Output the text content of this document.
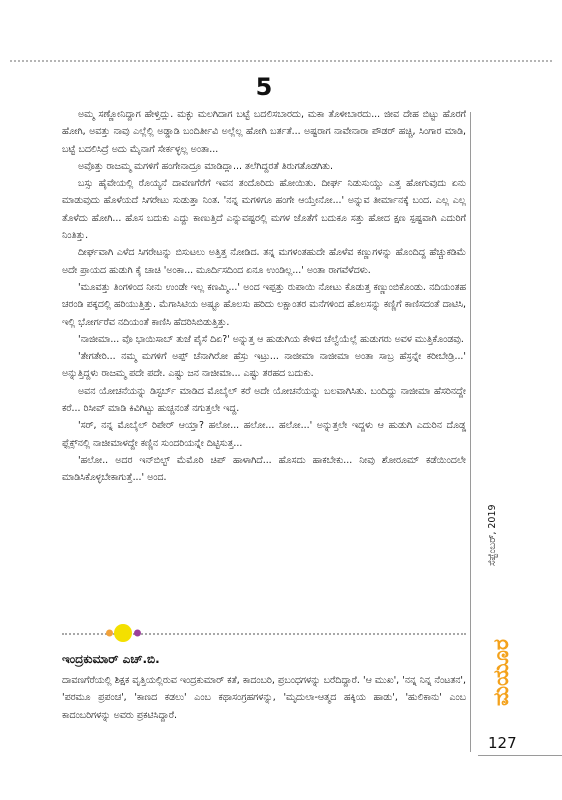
5

ಅಮ್ಮ ಸಣ್ಣೋನಿದ್ದಾಗ ಹೇಳ್ತಿದ್ಲು. ಮಕ್ಳು ಮಲಗಿದಾಗ ಬಟ್ಟೆ ಬದಲಿಸಬಾರದು, ಮಕಾ ತೊಳೀಬಾರದು... ಜೀವ ದೇಹ ಬಿಟ್ಟು ಹೊರಗೆ ಹೋಗಿ, ಅವತ್ತು ನಾವು ಎಲ್ಲೆಲ್ಲಿ ಅಡ್ಡಾಡಿ ಬಂದಿರ್ತೀವಿ ಅಲ್ಲೆಲ್ಲ ಹೋಗಿ ಬರ್ತತೆ... ಅಷ್ಟರಾಗ ನಾವೇನಾರಾ ಪೌಡರ್ ಹಚ್ಚಿ, ಸಿಂಗಾರ ಮಾಡಿ, ಬಟ್ಟೆ ಬದಲಿಸಿದ್ರೆ ಅದು ಮೈನಾಗೆ ಸೇರ್ಕಳ್ಳಲ್ಲ ಅಂತಾ...

ಅವೊತ್ತು ರಾಜಮ್ಮ ಮಗಳಿಗೆ ಹಂಗೇನಾದ್ರೂ ಮಾಡಿದ್ಲಾ... ತಲೆಗಿದ್ದರತೆ ತಿರುಗತೊಡಗಿತು.

ಬಸ್ಸು ಹೈವೇಯಲ್ಲಿ ರೊಯ್ಯನೆ ದಾವಣಗೆರೆಗೆ ಇವನ ತಂದೊರಿದು ಹೋಯಿತು. ದೀರ್ಘ ನಿಡುಸುಯ್ದು ಎತ್ತ ಹೋಗುವುದು ಏನು ಮಾಡುವುದು ಹೊಳೆಯದೆ ಸಿಗರೇಟು ಸುಡುತ್ತಾ ನಿಂತ. 'ನನ್ನ ಮಗಳಿಗೂ ಹಂಗೇ ಆಯ್ತೇನೋ...' ಅನ್ನುವ ತೀರ್ಮಾನಕ್ಕೆ ಬಂದ. ಎಲ್ಲ ಎಲ್ಲ ತೊಳೆದು ಹೋಗಿ... ಹೊಸ ಬದುಕು ಎದ್ದು ಕಾಣುತ್ತಿದೆ ಎನ್ನುವಷ್ಟರಲ್ಲಿ ಮಗಳ ಜೊತೆಗೆ ಬದುಕೂ ಸತ್ತು ಹೋದ ಕ್ಷಣ ಸ್ಪಷ್ಟವಾಗಿ ಎದುರಿಗೆ ನಿಂತಿತ್ತು.

ದೀರ್ಘವಾಗಿ ಎಳೆದ ಸಿಗರೇಟನ್ನು ಬಿಸುಟಲು ಅತ್ತಿತ್ತ ನೋಡಿದ. ತನ್ನ ಮಗಳಂತಹುದೇ ಹೊಳೆವ ಕಣ್ಣುಗಳನ್ನು ಹೊಂದಿದ್ದ ಹೆಚ್ಚುಕಡಿಮೆ ಅದೇ ಪ್ರಾಯದ ಹುಡುಗಿ ಕೈ ಚಾಚಿ 'ಅಂಕಾ... ಮೂರ್ದಿಸದಿಂದ ಏನೂ ಉಂಡಿಲ್ಲ...' ಅಂತಾ ರಾಗವೆಳೆದಳು.

'ಮೂವತ್ತು ತಿಂಗಳಿಂದ ನೀನು ಉಂಡೇ ಇಲ್ಲ ಕಣಮ್ಮಿ...' ಅಂದ ಇಪ್ಪತ್ತು ರುಪಾಯಿ ನೋಟು ಕೊಡುತ್ತ ಕಣ್ಣುಂಬಿಕೊಂಡು. ನದಿಯಂತಹ ಚರಂಡಿ ಪಕ್ಕದಲ್ಲಿ ಹರಿಯುತ್ತಿತ್ತು. ಮೆಗಾಸಿಟಿಯ ಅಷ್ಟೂ ಹೊಲಸು ಹರಿದು ಲಕ್ಷಾಂತರ ಮನೆಗಳಿಂದ ಹೊಲಸನ್ನು ಕಣ್ಣಿಗೆ ಕಾಣಿಸದಂತೆ ದಾಟಿಸಿ, ಇಲ್ಲಿ ಭೋರ್ಗರೆವ ನದಿಯಂತೆ ಕಾಣಿಸಿ ಹೆದರಿಸಿಬಿಡುತ್ತಿತ್ತು.

'ನಾಜೀಮಾ... ವೊ ಭಾಯಿಸಾಬ್ ತುಜೆ ಪೈಸೆ ದಿಏ?' ಅನ್ನುತ್ತ ಆ ಹುಡುಗಿಯ ಕೇಳಿದ ಚೆಲ್ವೆಯೆಲ್ಲೆ ಹುಡುಗರು ಅವಳ ಮುತ್ತಿಕೊಂಡವು.

'ತೇಗತೇರಿ... ನಮ್ಮ ಮಗಳಿಗೆ ಅಪ್ಪ್ ಚೆನಾಗಿರೋ ಹೆಸ್ರು ಇಟ್ರು... ನಾಜೀಮಾ ನಾಜೀಮಾ ಅಂತಾ ಸಾಬ್ರ ಹೆಸ್ರನ್ನೇ ಕರೀಬೇಡ್ರಿ...' ಅನ್ನುತ್ತಿದ್ದಳು ರಾಜಮ್ಮ ಪದೇ ಪದೇ. ಎಷ್ಟು ಜನ ನಾಜೀಮಾ... ಎಷ್ಟು ತರಹದ ಬದುಕು.

ಅವನ ಯೋಚನೆಯನ್ನು ಡಿಸ್ಟರ್ಬ್ ಮಾಡಿದ ಮೊಬೈಲ್ ಕರೆ ಅದೇ ಯೋಚನೆಯನ್ನು ಬಲವಾಗಿಸಿತು. ಬಂದಿದ್ದು ನಾಜೀಮಾ ಹೆಸರಿನದ್ದೇ ಕರೆ... ರಿಸೀವ್ ಮಾಡಿ ಕಿವಿಗಿಟ್ಟು ಹುಚ್ಚನಂತೆ ನಗುತ್ತಲೇ ಇದ್ದ.

'ಸರ್, ನನ್ನ ಮೊಬೈಲ್ ರಿಪೇರ್ ಆಯ್ತಾ? ಹಲೋ... ಹಲೋ... ಹಲೋ...' ಅನ್ನುತ್ತಲೇ ಇದ್ದಳು ಆ ಹುಡುಗಿ ಎದುರಿನ ದೊಡ್ಡ ಫ್ಲೆಕ್ಸ್‌ನಲ್ಲಿ ನಾಜೀಮಾಳದ್ದೇ ಕಣ್ಣಿನ ಸುಂದರಿಯನ್ನೇ ದಿಟ್ಟಿಸುತ್ತ...

'ಹಲೋ.. ಅದರ ಇನ್‌ಬಿಲ್ಟ್ ಮೆಮೊರಿ ಚಿಪ್ ಹಾಳಾಗಿದೆ... ಹೊಸದು ಹಾಕಬೇಕು... ನೀವು ಶೋರೂಮ್ ಕಡೆಯಿಂದಲೇ ಮಾಡಿಸಿಕೊಳ್ಳಬೇಕಾಗುತ್ತೆ...' ಅಂದ.

ಇಂದ್ರಕುಮಾರ್ ಎಚ್.ಬಿ.
ದಾವಣಗೆರೆಯಲ್ಲಿ ಶಿಕ್ಷಕ ವೃತ್ತಿಯಲ್ಲಿರುವ ಇಂದ್ರಕುಮಾರ್ ಕತೆ, ಕಾದಂಬರಿ, ಪ್ರಬಂಧಗಳನ್ನು ಬರೆದಿದ್ದಾರೆ. 'ಆ ಮುಖ', 'ನನ್ನ ನಿನ್ನ ನೆಂಟತನ', 'ಪರಮೂ ಪ್ರಪಂಚ', 'ಕಾಣದ ಕಡಲು' ಎಂಬ ಕಥಾಸಂಗ್ರಹಗಳನ್ನು, 'ಮೃದುಲಾ-ಆತ್ಮದ ಹಕ್ಕಿಯ ಹಾಡು', 'ಹುಲಿಕಾನು' ಎಂಬ ಕಾದಂಬರಿಗಳನ್ನು ಅವರು ಪ್ರಕಟಿಸಿದ್ದಾರೆ.
ಸೆಪ್ಟೆಂಬರ್, 2019
ಮಯೂರ
127
